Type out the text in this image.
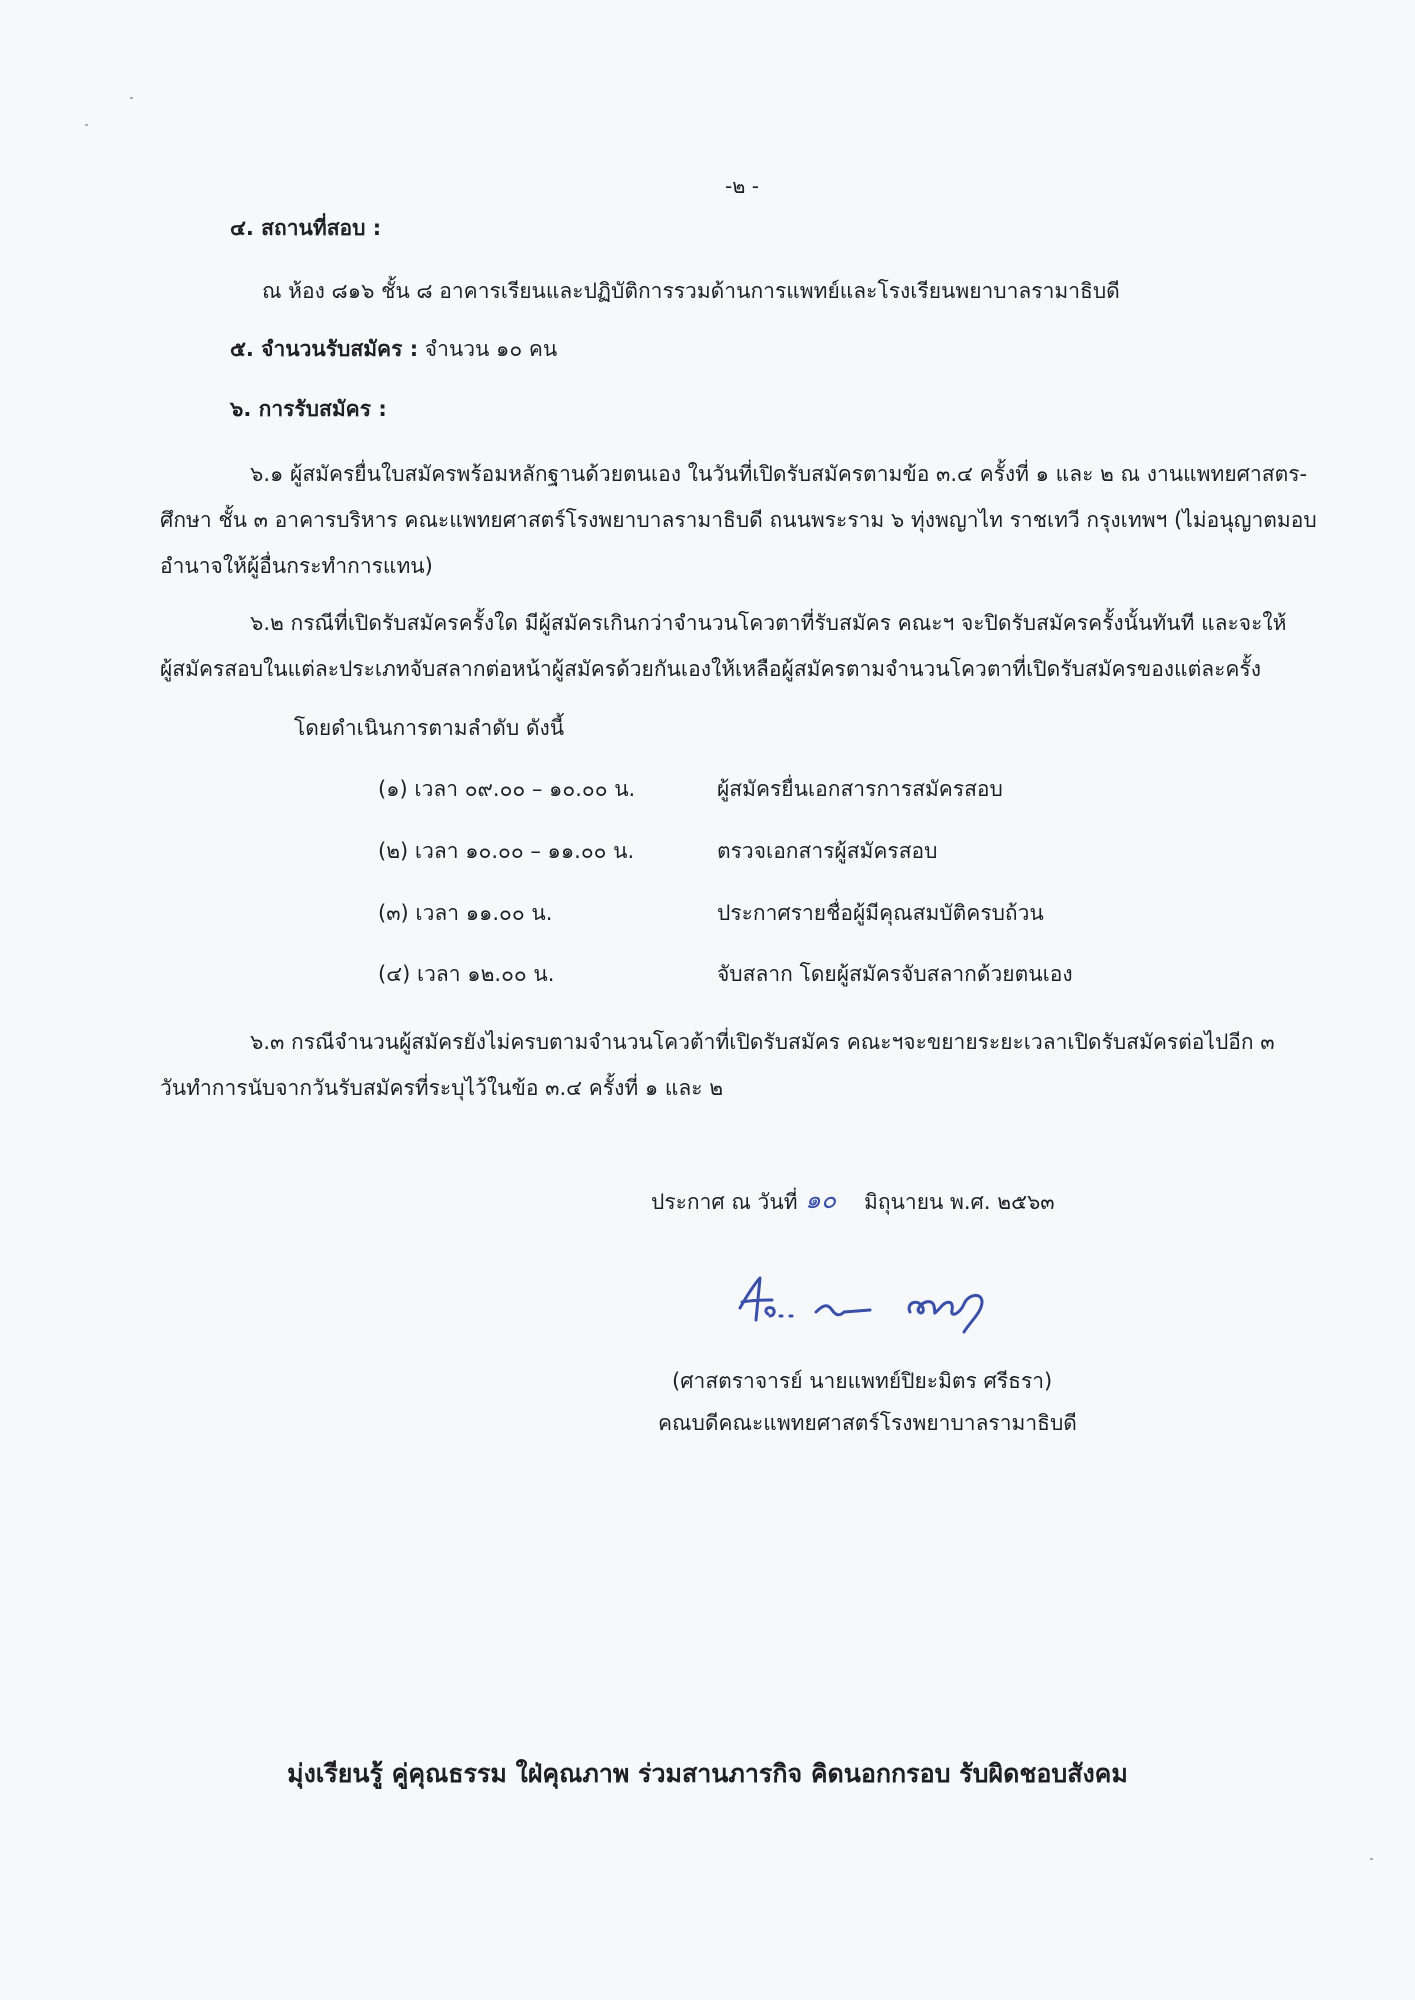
-๒ -
๔. สถานที่สอบ :
ณ ห้อง ๘๑๖ ชั้น ๘ อาคารเรียนและปฏิบัติการรวมด้านการแพทย์และโรงเรียนพยาบาลรามาธิบดี
๕. จำนวนรับสมัคร : จำนวน ๑๐ คน
๖. การรับสมัคร :
๖.๑ ผู้สมัครยื่นใบสมัครพร้อมหลักฐานด้วยตนเอง ในวันที่เปิดรับสมัครตามข้อ ๓.๔ ครั้งที่ ๑ และ ๒ ณ งานแพทยศาสตร-
ศึกษา ชั้น ๓ อาคารบริหาร คณะแพทยศาสตร์โรงพยาบาลรามาธิบดี ถนนพระราม ๖ ทุ่งพญาไท ราชเทวี กรุงเทพฯ (ไม่อนุญาตมอบ
อำนาจให้ผู้อื่นกระทำการแทน)
๖.๒ กรณีที่เปิดรับสมัครครั้งใด มีผู้สมัครเกินกว่าจำนวนโควตาที่รับสมัคร คณะฯ จะปิดรับสมัครครั้งนั้นทันที และจะให้
ผู้สมัครสอบในแต่ละประเภทจับสลากต่อหน้าผู้สมัครด้วยกันเองให้เหลือผู้สมัครตามจำนวนโควตาที่เปิดรับสมัครของแต่ละครั้ง
โดยดำเนินการตามลำดับ ดังนี้
(๑) เวลา ๐๙.๐๐ – ๑๐.๐๐ น.	ผู้สมัครยื่นเอกสารการสมัครสอบ
(๒) เวลา ๑๐.๐๐ – ๑๑.๐๐ น.	ตรวจเอกสารผู้สมัครสอบ
(๓) เวลา ๑๑.๐๐ น.	ประกาศรายชื่อผู้มีคุณสมบัติครบถ้วน
(๔) เวลา ๑๒.๐๐ น.	จับสลาก โดยผู้สมัครจับสลากด้วยตนเอง
๖.๓ กรณีจำนวนผู้สมัครยังไม่ครบตามจำนวนโควต้าที่เปิดรับสมัคร คณะฯจะขยายระยะเวลาเปิดรับสมัครต่อไปอีก ๓
วันทำการนับจากวันรับสมัครที่ระบุไว้ในข้อ ๓.๔ ครั้งที่ ๑ และ ๒
ประกาศ ณ วันที่ ๑๐ มิถุนายน พ.ศ. ๒๕๖๓
(ศาสตราจารย์ นายแพทย์ปิยะมิตร ศรีธรา)
คณบดีคณะแพทยศาสตร์โรงพยาบาลรามาธิบดี
มุ่งเรียนรู้ คู่คุณธรรม ใฝ่คุณภาพ ร่วมสานภารกิจ คิดนอกกรอบ รับผิดชอบสังคม
